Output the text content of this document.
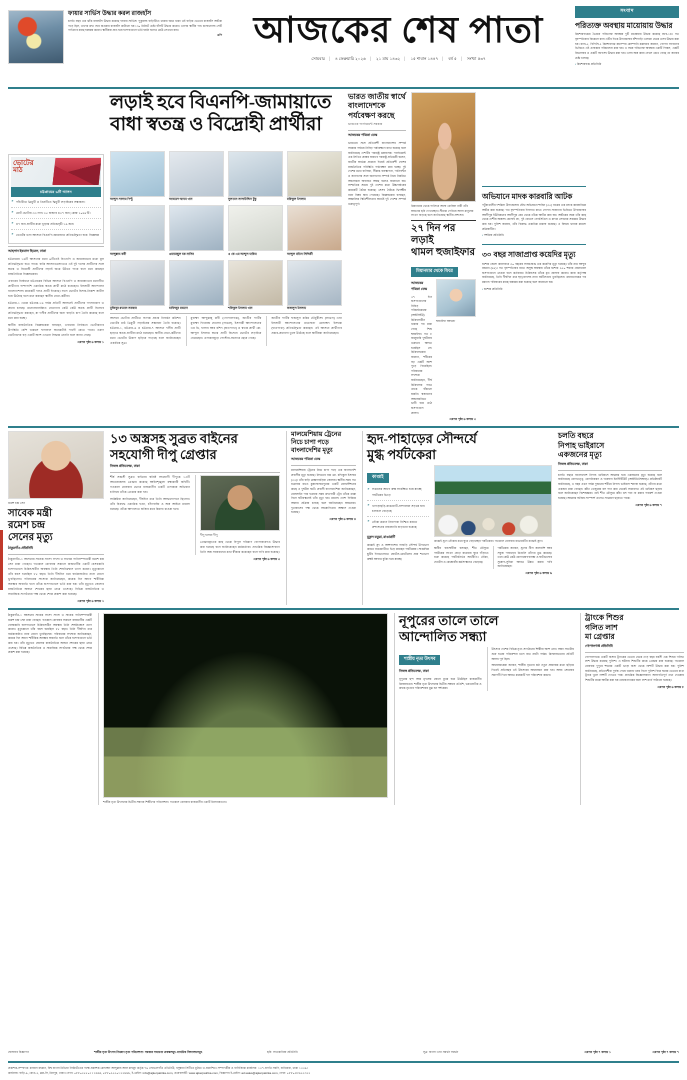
ফায়ার সার্ভিস উদ্ধার করল রাজহাঁস
চলতি বছর এক ঝাঁক রাজহাঁস উদ্ধার করেছে ফায়ার সার্ভিস। পুকুরসহ বাড়িটিতে ঢাকার জমে থাকা ওই বাড়ির ভেতরে রাজহাঁস আটকা পড়ে ছিল, তাদের দ্রুত সরে যাওয়ার রাজহাঁস কাটানো হয়। ৩০ মিনিটে চেষ্টা হাঁসটি উদ্ধার করেন। এরপর স্থানীয় পশু চালানোসহ সেটি পাখিদের কাছে হস্তান্তর করেন। স্থানীয়রা দ্রুত হয়ে হাসপাতালে ভর্তি হয়নি হলেও কেউ সেখানে যায়।
এপি আজকের শেষ পাতা
সোমবার | ৪ ফেব্রুয়ারি ২০২৬ | ২১ মাঘ ১৪৩২ | ১৫ শাবান ১৪৪৭ | বর্ষ ৫ | সংখ্যা ৫৩৭
সংবাদ
পরিত্যক্ত অবস্থায় মায়োয়ায় উদ্ধার
কিশোরগঞ্জের ভৈরবে পরিত্যক্ত অবস্থায় দুটি মায়োয়ার উদ্ধার করেছে র‍্যাব-১৪। গত বৃহস্পতিবার বিকেলে র‍্যাব এটির দিকে উপজেলার বাঁশগাড়ি এলাকা থেকে এসব উদ্ধার করা হয়। র‍্যাব-৫, বিপিসি-২ কিশোরগঞ্জ ক্যাম্পের কোম্পানি কমান্ডার জানান, গোপন সংবাদের ভিত্তিতে এই এলাকায় পরিচালনা করা হয়। এ সময় পরিত্যক্ত অবস্থায় একটি পিস্তল, একটি রিভলবার ও একটি ব্যাগসহ উদ্ধার করা হয়। এসব অস্ত্র কারা ফেলে রেখে গেছে তা জানার চেষ্টা চলছে।
• কিশোরগঞ্জ প্রতিনিধি
ভোটের
মাঠ
চট্টগ্রামের ৬টি আসন
» পাঁচটিতে ত্রিমুখী ও তিনটিতে দ্বিমুখী লড়াইয়ের সম্ভাবনা।
» মোট ভোটার ৩৩ লাখ ৩৫ হাজার ৪২৭ জন; কেন্দ্র ১০৬৫টি।
» ৪৭ জন প্রার্থীর মধ্যে চূড়ান্ত প্রতিদ্বন্দ্বী ১৯ জন।
» ভোটের ভাগ আসনে বিএনপি-জামায়াত প্রতিদ্বন্দ্বিতা হবে: বিশ্লেষক
আহসান ইকবাল হিমেল, ঢাকা
চট্টগ্রামের ১৬টি আসনের মধ্যে ৯টিতেই বিএনপি ও জামায়াতের মধ্যে মূল প্রতিদ্বন্দ্বিতা হতে পারে। বাকি আসনগুলোতেও এই দুই দলের প্রার্থীদের সঙ্গে স্বতন্ত্র ও বিদ্রোহী প্রার্থীদের লড়াই জমে উঠতে পারে বলে মনে করছেন রাজনৈতিক বিশ্লেষকেরা।
এবারের নির্বাচনে চট্টগ্রামের বিভিন্ন আসনে বিএনপি ও জামায়াতের মনোনীত প্রার্থীদের পাশাপাশি একাধিক স্বতন্ত্র প্রার্থী মাঠে রয়েছেন। ইসলামী আন্দোলন বাংলাদেশসহ কয়েকটি দলও প্রার্থী দিয়েছে। ফলে ভোটের হিসাব-নিকাশ জটিল হয়ে উঠেছে বলে মনে করছেন স্থানীয় নেতা-কর্মীরা।
চট্টগ্রাম-১ থেকে চট্টগ্রাম-১৬ পর্যন্ত প্রতিটি আসনেই প্রার্থীদের গণসংযোগ ও প্রচার চলছে। মনোনয়নবঞ্চিত নেতাদের কেউ কেউ স্বতন্ত্র প্রার্থী হিসেবে প্রতিদ্বন্দ্বিতা করছেন, যা দলীয় প্রার্থীদের জন্য বাড়তি চাপ তৈরি করেছে বলে মনে করা হচ্ছে।
স্থানীয় রাজনৈতিক বিশ্লেষকেরা বলছেন, এবারের নির্বাচনে ভোটারদের উপস্থিতি বেশি থাকলে ফলাফল অনেকটাই পাল্টে যেতে পারে। তরুণ ভোটারদের বড় একটি অংশ এখনো সিদ্ধান্ত নেননি বলে জানা গেছে।
এরপর পৃষ্ঠা ৬ কলাম ১
লড়াই হবে বিএনপি-জামায়াতে
বাধা স্বতন্ত্র ও বিদ্রোহী প্রার্থীরা
আব্দুস সালাম পিন্টু	আহমেদ আযম খান	সুলতান সালাউদ্দিন টুকু	রফিকুল ইসলাম
আব্দুল্লাহ কবী	ওয়ারেছুল হক নাসির	এ কে এম আব্দুল হাকিম	আব্দুল মতিন সিদ্দিকী
মুজিবুর রহমান সরকার	হাফিজুর রহমান	শফিকুল ইসলাম খান	ফজলুল ইসলাম
আসনে ভোটার প্রার্থীতে ব্যাপক প্রচার নিবার্চন কমিশন ভোটের মাঠ ত্রিমুখী লড়াইয়ের সম্ভাবনা তৈরি হয়েছে। চট্টগ্রাম-১, চট্টগ্রাম-৬ ও চট্টগ্রাম-৭ আসনে দলীয় প্রার্থী ছাড়াও স্বতন্ত্র প্রার্থীরা মাঠে রয়েছেন। স্থানীয় নেতা-কর্মীদের মধ্যে ভোটের উত্তাপ ছড়িয়ে পড়েছে বলে জানিয়েছেন একাধিক সূত্র।
মুহাম্মদ আব্দুল্লাহ্‌ কবী (গোপালগঞ্জ), জাতীয় পার্টির মুহাম্মদ ফিরোজ হোসেন (লাঙল), ইসলামী আন্দোলনের এম ডি, হাসান আর রশিদ (হাতপাখা) ও স্বতন্ত্র প্রার্থী মো. আব্দুল ইসলাম স্বতন্ত্র প্রার্থী হিসেবে ভোটের লড়াইয়ে নেমেছেন। এলাকাজুড়ে পোস্টার-ব্যানারে ছেয়ে গেছে।
জাতীয় পার্টির ফজলুল করিম চৌধুরীসহ (লাঙল) এবং ইসলামী আন্দোলনের মাওলানা মোহাম্মদ ইসহাক (হাতপাখা) প্রতিদ্বন্দ্বিতা করছেন। এই আসনে প্রার্থীদের প্রচার-প্রচারণা তুঙ্গে উঠেছে বলে স্থানীয়রা জানিয়েছেন।
ভারত জাতীয় স্বার্থে বাংলাদেশকে পর্যবেক্ষণ করছে
ভারতের পার্লামেন্টে সরকার
আজকের পত্রিকা ডেস্ক
ভারতের সঙ্গে প্রতিবেশী বাংলাদেশের সম্পর্ক সরকার পর্যায়ে নিবিড় পর্যবেক্ষণে রাখা হয়েছে বলে জানিয়েছে দেশটির পররাষ্ট্র মন্ত্রণালয়। পার্লামেন্টে এক লিখিত প্রশ্নের জবাবে পররাষ্ট্র প্রতিমন্ত্রী বলেন, জাতীয় স্বার্থকে প্রাধান্য দিয়েই প্রতিবেশী দেশের রাজনৈতিক পরিস্থিতি পর্যবেক্ষণ করা হচ্ছে। দুই দেশের মধ্যে বাণিজ্য, সীমান্ত ব্যবস্থাপনা, পানিবণ্টন ও জনগণের সঙ্গে জনগণের সম্পর্ক নিয়ে নিয়মিত আলোচনা অব্যাহত আছে বলেও জানানো হয়। সাম্প্রতিক সময়ে দুই দেশের মধ্যে উচ্চপর্যায়ের কয়েকটি বৈঠক হয়েছে। সেসব বৈঠকে দ্বিপক্ষীয় নানা বিষয় স্থান পেয়েছে। বিশ্লেষকেরা বলছেন, আঞ্চলিক স্থিতিশীলতার স্বার্থেই দুই দেশের সম্পর্ক গুরুত্বপূর্ণ।
মিয়ানমার থেকে পালিয়ে আসা রোহিঙ্গা নারী তাঁর স্বজনের ছবি দেখাচ্ছেন। সীমান্ত পেরিয়ে আসা মানুষের সংখ্যা বাড়ছে বলে জানিয়েছে স্থানীয় প্রশাসন।
২৭ দিন পর লড়াই
থামল হুজাইফার
মিয়ানমার থেকে ফিরে
আজকের পত্রিকা ডেস্ক
২৭ দিন হাসপাতালের নিবিড় পরিচর্যাকেন্দ্রে (আইসিইউ) চিকিৎসাধীন থাকার পর মারা গেছে শিশু হুজাইফা। গত ৮ জানুয়ারি দুর্ঘটনায় গুরুতর আহত হয়েছিল সে। চিকিৎসকেরা জানান, শরীরের বড় একটি অংশ পুড়ে গিয়েছিল। পরিবারের সদস্যরা জানিয়েছেন, দীর্ঘ চিকিৎসার পরও তাকে বাঁচানো যায়নি। স্বজনদের আহাজারিতে ভারী হয়ে ওঠে হাসপাতাল প্রাঙ্গণ।
হুজাইফা আহমদ
এরপর পৃষ্ঠা ৬ কলাম ৫
অভিযানে মাদক কারবারি আটক
পটুয়াখালীর দশমিনা উপজেলায় যৌথ অভিযানে শাহিন (৩৫) নামের এক মাদক কারবারিকে আটক করা হয়েছে। গত বৃহস্পতিবার দিবাগত রাতে গোপন সংবাদের ভিত্তিতে উপজেলার আলীপুর ইউনিয়নের আলীপুর গ্রাম থেকে তাঁকে আটক করা হয়। আটকের সময় তাঁর কাছ থেকে দেশীয় অস্ত্রসহ চোলাই মদ, দুই বোতল ফেনসিডিল ও মাদক সেবনের সরঞ্জাম উদ্ধার করা হয়। পুলিশ জানায়, তাঁর বিরুদ্ধে একাধিক মামলা রয়েছে। এ বিষয়ে থানায় মামলা প্রক্রিয়াধীন।
• দশমিনা প্রতিনিধি
৩০ বছর সাজাপ্রাপ্ত কয়েদির মৃত্যু
যশোর জেলা কারাগারে ৩০ বছরের সাজাপ্রাপ্ত এক কয়েদির মৃত্যু হয়েছে। তাঁর নাম আব্দুর রহমান (৬৫)। গত বৃহস্পতিবার রাতে অসুস্থ অবস্থায় তাঁকে যশোর ২৫০ শয্যার জেনারেল হাসপাতালে নেওয়া হলে কর্তব্যরত চিকিৎসক তাঁকে মৃত ঘোষণা করেন। কারা কর্তৃপক্ষ জানিয়েছে, তিনি দীর্ঘদিন ধরে হৃদ্‌রোগসহ নানা জটিলতায় ভুগছিলেন। ময়নাতদন্তের পর মরদেহ পরিবারের কাছে হস্তান্তর করা হয়েছে বলে জানানো হয়।
• যশোর প্রতিনিধি
রমেশ চন্দ্র সেন
সাবেক মন্ত্রী
রমেশ চন্দ্র
সেনের মৃত্যু
ঠাকুরগাঁও প্রতিনিধি
ঠাকুরগাঁও-১ আসনের সাবেক সংসদ সদস্য ও সাবেক পানিসম্পদমন্ত্রী রমেশ চন্দ্র সেন মারা গেছেন। গতকাল রোববার সকালে রাজধানীর একটি বেসরকারি হাসপাতালে চিকিৎসাধীন অবস্থায় তিনি শেষনিঃশ্বাস ত্যাগ করেন। মৃত্যুকালে তাঁর বয়স হয়েছিল ৮৫ বছর। তিনি দীর্ঘদিন ধরে বার্ধক্যজনিত নানা রোগে ভুগছিলেন। পরিবারের সদস্যরা জানিয়েছেন, কয়েক দিন আগে শারীরিক অবস্থার অবনতি হলে তাঁকে হাসপাতালে ভর্তি করা হয়। তাঁর মৃত্যুতে জেলার রাজনৈতিক অঙ্গনে শোকের ছায়া নেমে এসেছে। বিভিন্ন রাজনৈতিক ও সামাজিক সংগঠনের পক্ষ থেকে শোক প্রকাশ করা হয়েছে।
এরপর পৃষ্ঠা ৬ কলাম ২
১৩ অস্ত্রসহ সুব্রত বাইনের
সহযোগী দীপু গ্রেপ্তার
নিজস্ব প্রতিবেদক, ঢাকা
শীর্ষ সন্ত্রাসী সুব্রত বাইনের ঘনিষ্ঠ সহযোগী দীপুকে ১৩টি আগ্নেয়াস্ত্রসহ গ্রেপ্তার করেছে আইনশৃঙ্খলা রক্ষাকারী বাহিনী। গতকাল রোববার ভোরে রাজধানীর একটি এলাকায় অভিযান চালিয়ে তাঁকে গ্রেপ্তার করা হয়।
সংশ্লিষ্টরা জানিয়েছেন, দীর্ঘদিন ধরে তিনি আত্মগোপনে ছিলেন। তাঁর বিরুদ্ধে একাধিক হত্যা, চাঁদাবাজি ও অস্ত্র আইনে মামলা রয়েছে। তাঁকে আদালতে হাজির করে রিমান্ড চাওয়া হবে।
দীপু হাসান দীপু
গ্রেপ্তারকৃতের কাছ থেকে বিপুল পরিমাণ গোলাবারুদও উদ্ধার করা হয়েছে বলে জানিয়েছেন কর্মকর্তারা। প্রাথমিক জিজ্ঞাসাবাদে তিনি অস্ত্র সরবরাহের কথা স্বীকার করেছেন বলে দাবি করা হয়েছে।
এরপর পৃষ্ঠা ৬ কলাম ৩
মালয়েশিয়ায় ট্রেনের
নিচে চাপা পড়ে
বাংলাদেশির মৃত্যু
আজকের পত্রিকা ডেস্ক
মালয়েশিয়ায় ট্রেনের নিচে চাপা পড়ে এক বাংলাদেশি প্রবাসীর মৃত্যু হয়েছে। নিহতের নাম মো. রফিকুল ইসলাম (৩২)। তাঁর বাড়ি ব্রাহ্মণবাড়িয়া জেলায়। স্থানীয় সময় গত শুক্রবার রাতে কুয়ালালামপুরের একটি রেলস্টেশনের কাছে এ দুর্ঘটনা ঘটে। প্রবাসী বাংলাদেশিরা জানিয়েছেন, রেললাইন পার হওয়ার সময় দ্রুতগামী ট্রেন তাঁকে ধাক্কা দিলে ঘটনাস্থলেই তাঁর মৃত্যু হয়। মরদেহ দেশে ফিরিয়ে আনার প্রক্রিয়া চলছে বলে জানিয়েছেন স্বজনেরা। দূতাবাসের পক্ষ থেকে সহযোগিতার আশ্বাস দেওয়া হয়েছে।
এরপর পৃষ্ঠা ৬ কলাম ৪
হৃদ-পাহাড়ের সৌন্দর্যে
মুগ্ধ পর্যটকেরা
কাপ্তাই
» সপ্তাহের আগে কক্ষ সংরক্ষিত হয়ে যাচ্ছে পর্যটকের ভিড়ে
» খাগড়াছড়ি-রাঙামাটি-বান্দরবান সড়কে যান চলাচল বেড়েছে
» নৌকা ভ্রমণে নিরাপত্তা নিশ্চিত করতে প্রশাসনের নজরদারি বাড়ানো হয়েছে
মুকুল বড়ুয়া, রাঙামাটি
কাপ্তাই হ্রদ ও আশপাশের পাহাড়ি সৌন্দর্য উপভোগ করতে রাঙামাটিতে ভিড় করছেন পর্যটকেরা। সাপ্তাহিক ছুটির দিনগুলোতে হোটেল-মোটেলের প্রায় শতভাগ কক্ষই আগাম বুকিং হয়ে যাচ্ছে।
কাপ্তাই হ্রদে নৌকায় করে ঘুরে বেড়াচ্ছেন পর্যটকেরা। গতকাল রোববার রাঙামাটির কাপ্তাই হ্রদে।
স্থানীয় ব্যবসায়ীরা বলছেন, শীত মৌসুমে পর্যটকের সংখ্যা বেড়ে যাওয়ায় ঘুরে দাঁড়াতে শুরু করেছে পর্যটননির্ভর অর্থনীতি। নৌকা, হোটেল ও রেস্তোরাঁয় কর্মসংস্থানও বেড়েছে।
পর্যটকেরা জানান, হ্রদের নীল জলরাশি আর সবুজ পাহাড়ের মিতালি তাঁদের মুগ্ধ করেছে। তবে কেউ কেউ যোগাযোগব্যবস্থা ও ঘাটগুলোর সুযোগ-সুবিধা আরও উন্নত করার দাবি জানিয়েছেন।
এরপর পৃষ্ঠা ৬ কলাম ৬
চলতি বছরে
নিপাহ ভাইরাসে
একজনের মৃত্যু
নিজস্ব প্রতিবেদক, ঢাকা
চলতি বছরে বাংলাদেশে নিপাহ ভাইরাসে আক্রান্ত হয়ে একজনের মৃত্যু হয়েছে বলে জানিয়েছে রোগতত্ত্ব, রোগনিয়ন্ত্রণ ও গবেষণা ইনস্টিটিউট (আইইডিসিআর)। প্রতিষ্ঠানটি জানিয়েছে, এ বছর এখন পর্যন্ত দুজনের শরীরে নিপাহ ভাইরাস শনাক্ত হয়েছে, তাঁদের মধ্যে একজন মারা গেছেন। কাঁচা খেজুরের রস পান করা থেকেই সাধারণত এই ভাইরাস ছড়ায় বলে জানিয়েছেন বিশেষজ্ঞরা। তাই শীত মৌসুমে কাঁচা রস পান না করার পরামর্শ দেওয়া হয়েছে। আক্রান্ত ব্যক্তির সংস্পর্শে এলেও সংক্রমণ ছড়াতে পারে।
এরপর পৃষ্ঠা ৬ কলাম ৭
ঠাকুরগাঁও-১ আসনের সাবেক সংসদ সদস্য ও সাবেক পানিসম্পদমন্ত্রী রমেশ চন্দ্র সেন মারা গেছেন। গতকাল রোববার সকালে রাজধানীর একটি বেসরকারি হাসপাতালে চিকিৎসাধীন অবস্থায় তিনি শেষনিঃশ্বাস ত্যাগ করেন। মৃত্যুকালে তাঁর বয়স হয়েছিল ৮৫ বছর। তিনি দীর্ঘদিন ধরে বার্ধক্যজনিত নানা রোগে ভুগছিলেন। পরিবারের সদস্যরা জানিয়েছেন, কয়েক দিন আগে শারীরিক অবস্থার অবনতি হলে তাঁকে হাসপাতালে ভর্তি করা হয়। তাঁর মৃত্যুতে জেলার রাজনৈতিক অঙ্গনে শোকের ছায়া নেমে এসেছে। বিভিন্ন রাজনৈতিক ও সামাজিক সংগঠনের পক্ষ থেকে শোক প্রকাশ করা হয়েছে।
শাস্ত্রীয় নৃত্য উৎসবের দ্বিতীয় সন্ধ্যায় শিল্পীদের পরিবেশনা। গতকাল রোববার রাজধানীর একটি মিলনায়তনে।
নূপুরের তালে তালে
আন্দোলিত সন্ধ্যা
শাস্ত্রীয় নৃত্য উৎসব
নিজস্ব প্রতিবেদক, ঢাকা
নূপুরের ছন্দ আর মৃদঙ্গের বোলে মুখর হয়ে উঠেছিল রাজধানীর মিলনায়তন। শাস্ত্রীয় নৃত্য উৎসবের দ্বিতীয় সন্ধ্যায় ওডিশি, ভরতনাট্যম ও কত্থক নৃত্যের পরিবেশনায় মুগ্ধ হন দর্শকেরা।
উৎসবে দেশের বিভিন্ন নৃত্য সংগঠনের শিল্পীরা অংশ নেন। সন্ধ্যা সাতটায় শুরু হওয়া পরিবেশনা চলে রাত নয়টা পর্যন্ত। মিলনায়তনের প্রতিটি আসন পূর্ণ ছিল।
আয়োজকেরা জানান, শাস্ত্রীয় নৃত্যের চর্চা নতুন প্রজন্মের মধ্যে ছড়িয়ে দিতেই প্রতিবছর এই উৎসবের আয়োজন করা হয়। আজ সোমবার সমাপনী দিনে আরও কয়েকটি দল পরিবেশনা করবে।
ট্রাংকে শিশুর
গলিত লাশ
মা গ্রেপ্তার
গোপালগঞ্জ প্রতিনিধি
গোপালগঞ্জে একটি বাসার ট্রাংকের ভেতর থেকে দেড় বছর বয়সী এক শিশুর গলিত লাশ উদ্ধার করেছে পুলিশ। এ ঘটনায় শিশুটির মাকে গ্রেপ্তার করা হয়েছে। গতকাল রোববার দুপুরে শহরের একটি ভাড়া বাসা থেকে লাশটি উদ্ধার করা হয়। পুলিশ জানিয়েছে, প্রতিবেশীরা দুর্গন্ধ পেয়ে থানায় খবর দিলে পুলিশ গিয়ে ঘরের ভেতরে রাখা ট্রাংক খুলে লাশটি দেখতে পায়। প্রাথমিক জিজ্ঞাসাবাদে অসংগতিপূর্ণ তথ্য দেওয়ায় শিশুটির মাকে আটক করা হয়। ময়নাতদন্তের জন্য লাশ মর্গে পাঠানো হয়েছে।
এরপর পৃষ্ঠা ৬ কলাম ৮
ঘোষণার বিজ্ঞাপন	শাস্ত্রীয় নৃত্য উৎসব নিমন্ত্রণ নৃত্য পরিবেশনা: সরকার সহায়তা প্রকল্পসমূহ প্রাথমিক বিদ্যালয়সমূহ	ছবি: সাতকানিয়া প্রতিনিধি	সূত্র: বাংলা এবং সমর্থন সমর্থন	এরপর পৃষ্ঠা ৭ কলাম ১	এরপর পৃষ্ঠা ৭ কলাম ৭
প্রকাশক-সম্পাদক: কাজল রহমান, বিশ্ব বাংলা মিডিয়া লিমিটেডের পক্ষে প্রকাশক মোহাম্মদ আব্দুল্লাহ আল মাহমুদ কর্তৃক ৭৯ লেভেলগাঁও এভিনিউ, বসুন্ধরা সিটিতে মুদ্রিত ও প্রকাশিত। সম্পাদকীয় ও বাণিজ্যিক কার্যালয়: ১২৭ প্রগতি সরণি, বারিধারা, ঢাকা ১২২৯।
কার্যালয়: বাড়ি-৯, রোড-২, ব্লক-সি, মিরপুর, ঢাকা। ফোন: +৮৮০২৫৫০১১১৬৬৬, +৮৮০২৫৫০১২২৬৬৬, ই-মেইল: info@ajkerpatrika.com, ওয়েবসাইট: www.ajkerpatrika.com, বিজ্ঞাপন ই-মেইল: ad.sales@ajkerpatrika.com, ফোন: +৮৮০২৮৬৫৫৩২২
